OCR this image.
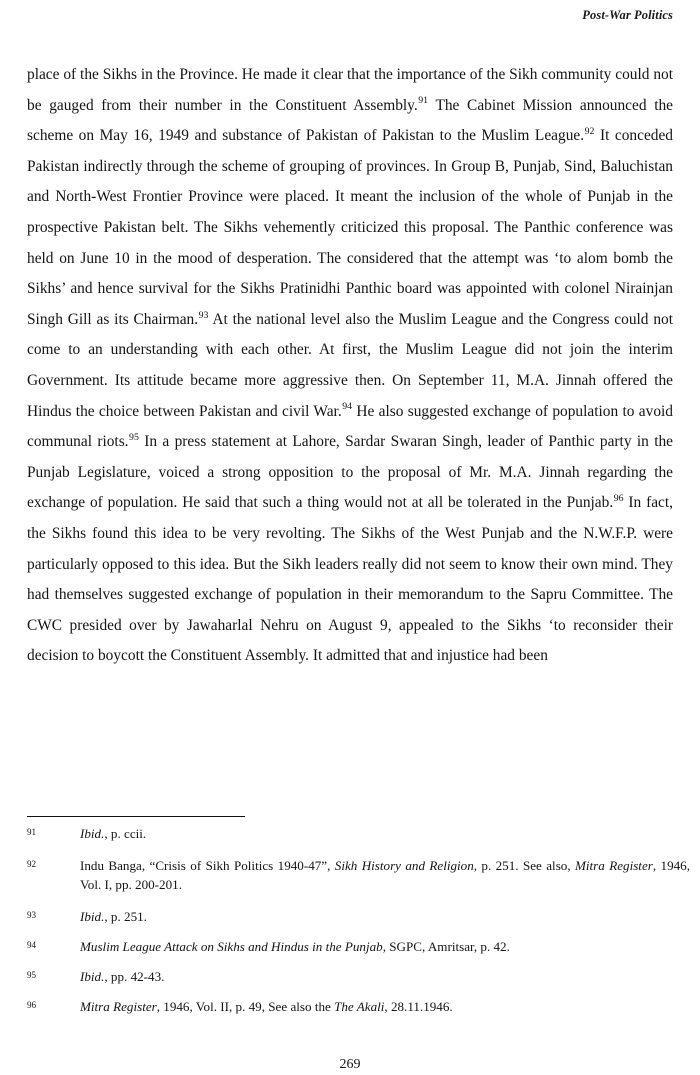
Post-War Politics

place of the Sikhs in the Province. He made it clear that the importance of the Sikh community could not be gauged from their number in the Constituent Assembly.$^{91}$ The Cabinet Mission announced the scheme on May 16, 1949 and substance of Pakistan of Pakistan to the Muslim League.$^{92}$ It conceded Pakistan indirectly through the scheme of grouping of provinces. In Group B, Punjab, Sind, Baluchistan and North-West Frontier Province were placed. It meant the inclusion of the whole of Punjab in the prospective Pakistan belt. The Sikhs vehemently criticized this proposal. The Panthic conference was held on June 10 in the mood of desperation. The considered that the attempt was ‘to alom bomb the Sikhs’ and hence survival for the Sikhs Pratinidhi Panthic board was appointed with colonel Nirainjan Singh Gill as its Chairman.$^{93}$ At the national level also the Muslim League and the Congress could not come to an understanding with each other. At first, the Muslim League did not join the interim Government. Its attitude became more aggressive then. On September 11, M.A. Jinnah offered the Hindus the choice between Pakistan and civil War.$^{94}$ He also suggested exchange of population to avoid communal riots.$^{95}$ In a press statement at Lahore, Sardar Swaran Singh, leader of Panthic party in the Punjab Legislature, voiced a strong opposition to the proposal of Mr. M.A. Jinnah regarding the exchange of population. He said that such a thing would not at all be tolerated in the Punjab.$^{96}$ In fact, the Sikhs found this idea to be very revolting. The Sikhs of the West Punjab and the N.W.F.P. were particularly opposed to this idea. But the Sikh leaders really did not seem to know their own mind. They had themselves suggested exchange of population in their memorandum to the Sapru Committee. The CWC presided over by Jawaharlal Nehru on August 9, appealed to the Sikhs ‘to reconsider their decision to boycott the Constituent Assembly. It admitted that and injustice had been

91	Ibid., p. ccii.
92	Indu Banga, “Crisis of Sikh Politics 1940-47”, Sikh History and Religion, p. 251. See also, Mitra Register, 1946, Vol. I, pp. 200-201.
93	Ibid., p. 251.
94	Muslim League Attack on Sikhs and Hindus in the Punjab, SGPC, Amritsar, p. 42.
95	Ibid., pp. 42-43.
96	Mitra Register, 1946, Vol. II, p. 49, See also the The Akali, 28.11.1946.
269
